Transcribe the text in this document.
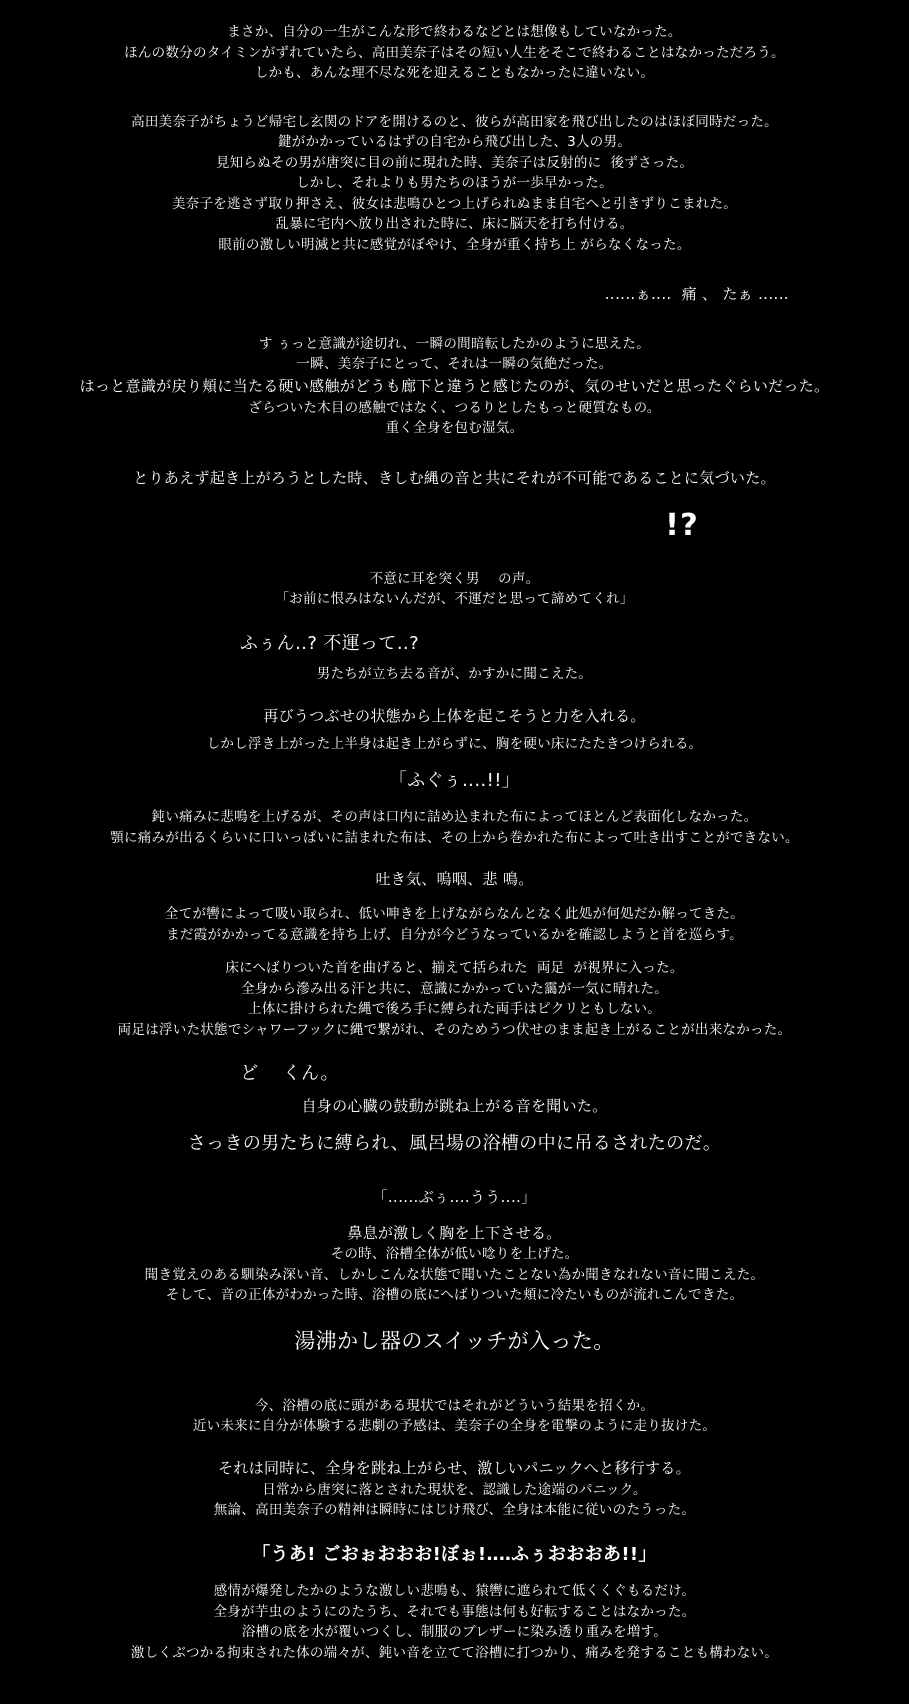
まさか、自分の一生がこんな形で終わるなどとは想像もしていなかった。
ほんの数分のタイミンがずれていたら、高田美奈子はその短い人生をそこで終わることはなかっただろう。
しかも、あんな理不尽な死を迎えることもなかったに違いない。
高田美奈子がちょうど帰宅し玄関のドアを開けるのと、彼らが高田家を飛び出したのはほぼ同時だった。
鍵がかかっているはずの自宅から飛び出した、3人の男。
見知らぬその男が唐突に目の前に現れた時、美奈子は反射的に  後ずさった。
しかし、それよりも男たちのほうが一歩早かった。
美奈子を逃さず取り押さえ、彼女は悲鳴ひとつ上げられぬまま自宅へと引きずりこまれた。
乱暴に宅内へ放り出された時に、床に脳天を打ち付ける。
眼前の激しい明滅と共に感覚がぼやけ、全身が重く持ち上 がらなくなった。
‥‥‥ぁ‥‥  痛 、 たぁ ‥‥‥
す ぅっと意識が途切れ、一瞬の間暗転したかのように思えた。
一瞬、美奈子にとって、それは一瞬の気絶だった。
はっと意識が戻り頬に当たる硬い感触がどうも廊下と違うと感じたのが、気のせいだと思ったぐらいだった。
ざらついた木目の感触ではなく、つるりとしたもっと硬質なもの。
重く全身を包む湿気。
とりあえず起き上がろうとした時、きしむ縄の音と共にそれが不可能であることに気づいた。
!?
不意に耳を突く男    の声。
「お前に恨みはないんだが、不運だと思って諦めてくれ」
ふぅん‥? 不運って‥?
男たちが立ち去る音が、かすかに聞こえた。
再びうつぶせの状態から上体を起こそうと力を入れる。
しかし浮き上がった上半身は起き上がらずに、胸を硬い床にたたきつけられる。
「ふぐぅ‥‥!!」
鈍い痛みに悲鳴を上げるが、その声は口内に詰め込まれた布によってほとんど表面化しなかった。
顎に痛みが出るくらいに口いっぱいに詰まれた布は、その上から巻かれた布によって吐き出すことができない。
吐き気、嗚咽、悲 鳴。
全てが轡によって吸い取られ、低い呻きを上げながらなんとなく此処が何処だか解ってきた。
まだ霞がかかってる意識を持ち上げ、自分が今どうなっているかを確認しようと首を巡らす。
床にへばりついた首を曲げると、揃えて括られた  両足  が視界に入った。
全身から滲み出る汗と共に、意識にかかっていた靄が一気に晴れた。
上体に掛けられた縄で後ろ手に縛られた両手はピクリともしない。
両足は浮いた状態でシャワーフックに縄で繋がれ、そのためうつ伏せのまま起き上がることが出来なかった。
ど    くん。
自身の心臓の鼓動が跳ね上がる音を聞いた。
さっきの男たちに縛られ、風呂場の浴槽の中に吊るされたのだ。
「‥‥‥ぶぅ‥‥うう‥‥」
鼻息が激しく胸を上下させる。
その時、浴槽全体が低い唸りを上げた。
聞き覚えのある馴染み深い音、しかしこんな状態で聞いたことない為か聞きなれない音に聞こえた。
そして、音の正体がわかった時、浴槽の底にへばりついた頬に冷たいものが流れこんできた。
湯沸かし器のスイッチが入った。
今、浴槽の底に頭がある現状ではそれがどういう結果を招くか。
近い未来に自分が体験する悲劇の予感は、美奈子の全身を電撃のように走り抜けた。
それは同時に、全身を跳ね上がらせ、激しいパニックへと移行する。
日常から唐突に落とされた現状を、認識した途端のパニック。
無論、高田美奈子の精神は瞬時にはじけ飛び、全身は本能に従いのたうった。
「うあ! ごおぉおおお!ぼぉ!‥‥ふぅおおおあ!!」
感情が爆発したかのような激しい悲鳴も、猿轡に遮られて低くくぐもるだけ。
全身が芋虫のようにのたうち、それでも事態は何も好転することはなかった。
浴槽の底を水が覆いつくし、制服のブレザーに染み透り重みを増す。
激しくぶつかる拘束された体の端々が、鈍い音を立てて浴槽に打つかり、痛みを発することも構わない。
